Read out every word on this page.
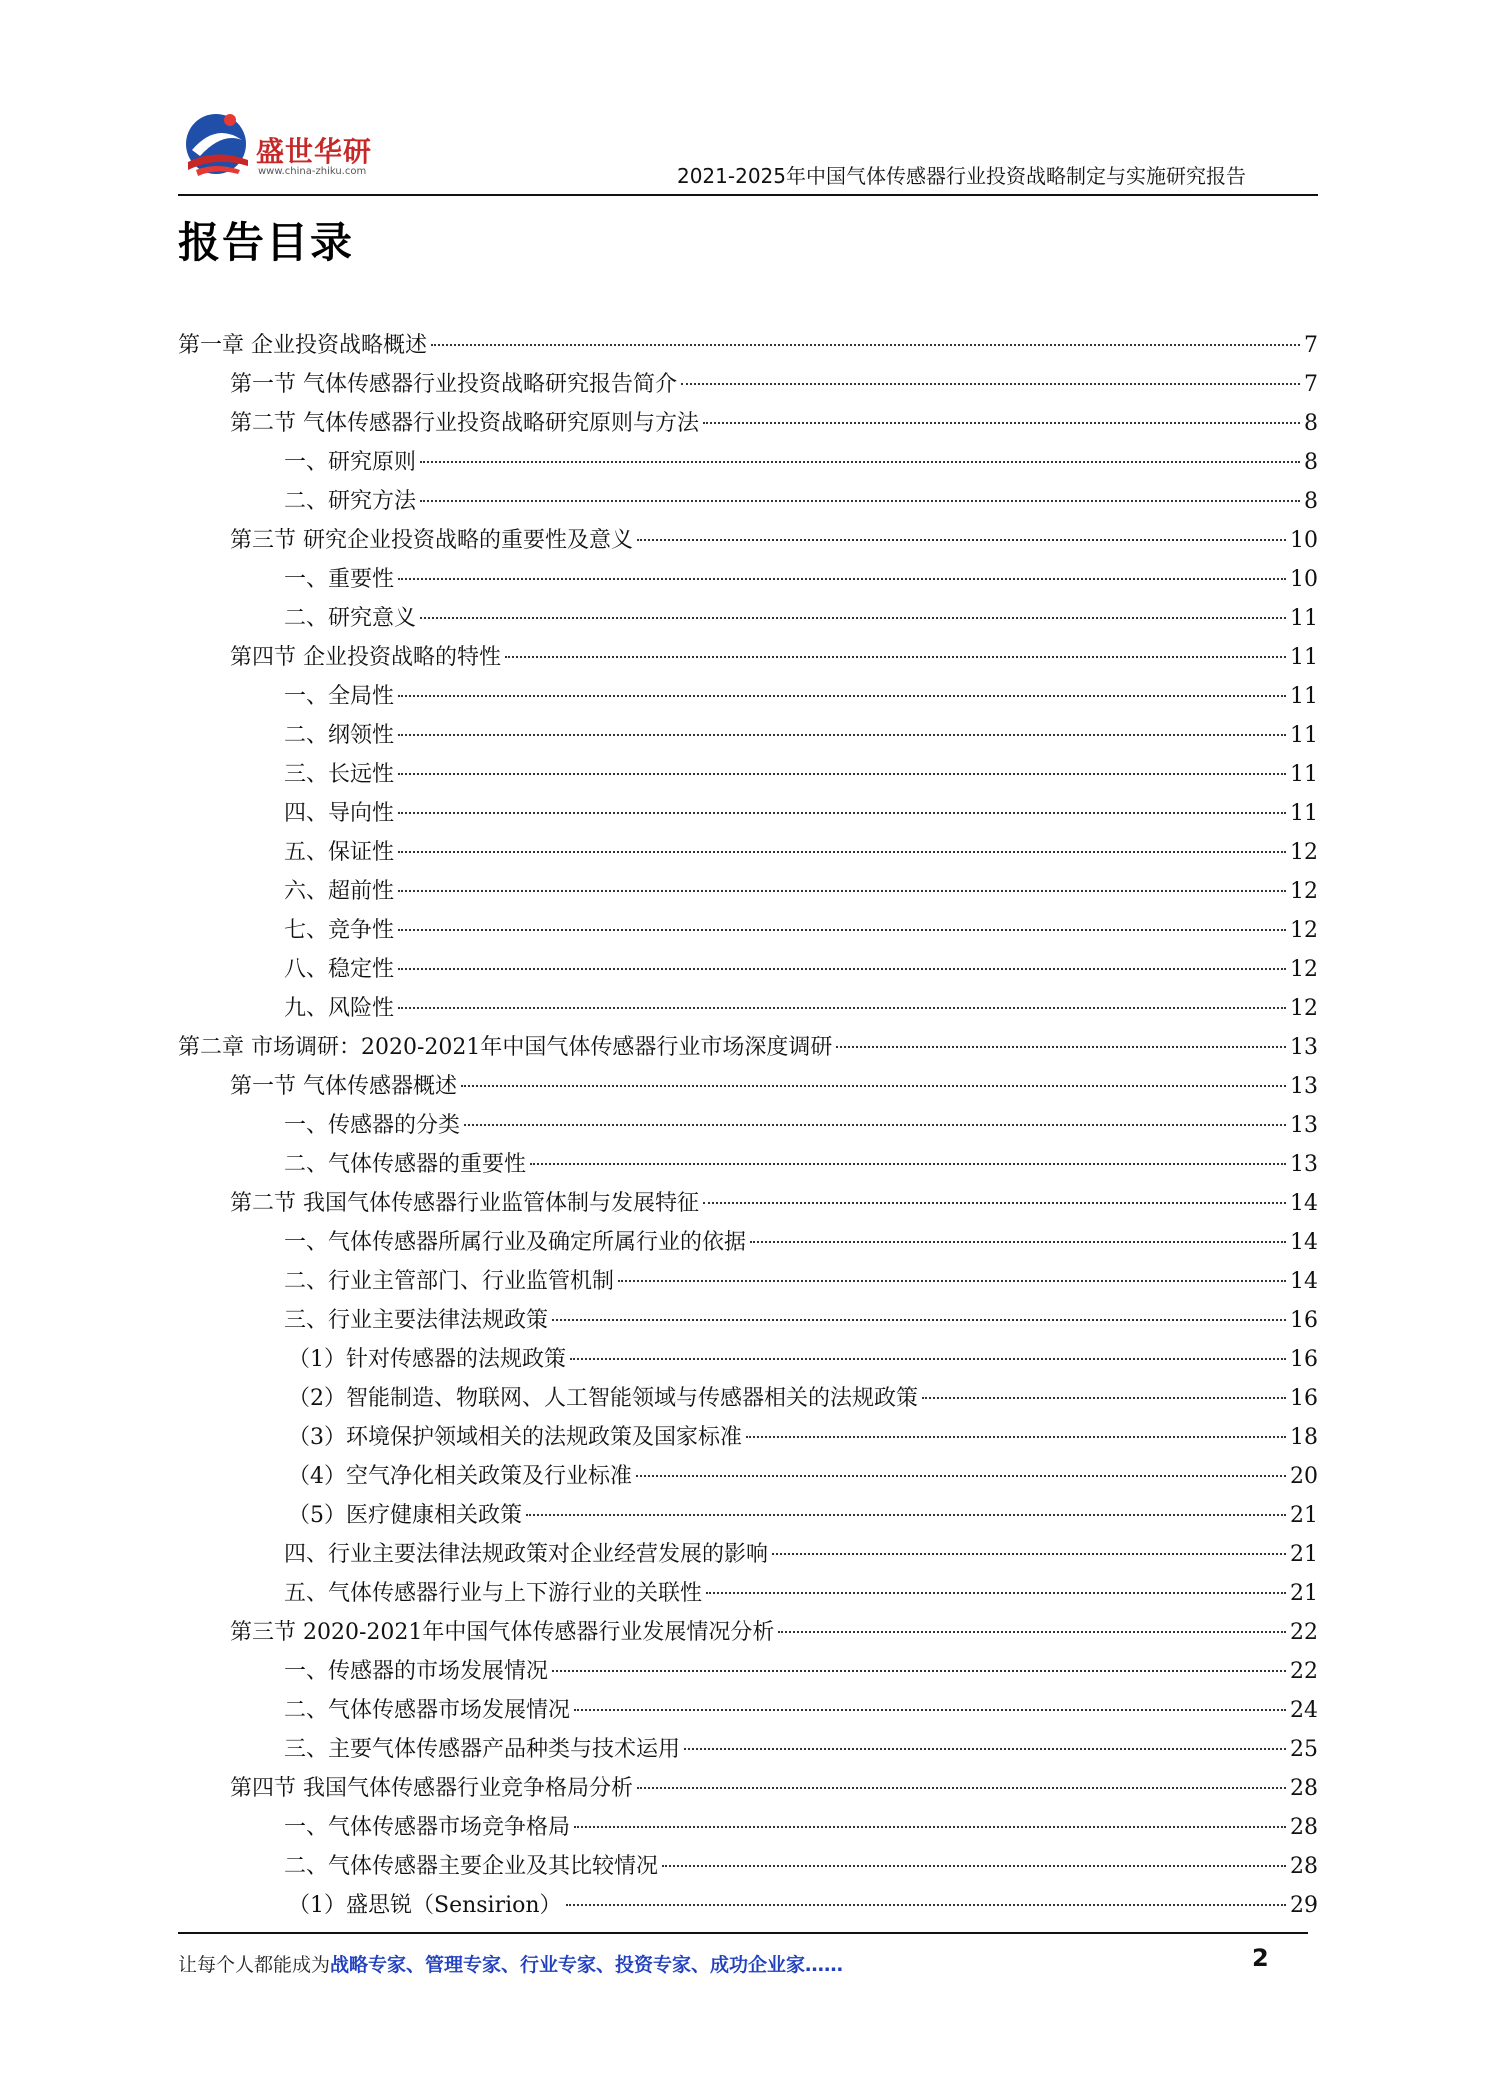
盛世华研
www.china-zhiku.com	2021-2025年中国气体传感器行业投资战略制定与实施研究报告
报告目录
第一章 企业投资战略概述	7
第一节 气体传感器行业投资战略研究报告简介	7
第二节 气体传感器行业投资战略研究原则与方法	8
一、研究原则	8
二、研究方法	8
第三节 研究企业投资战略的重要性及意义	10
一、重要性	10
二、研究意义	11
第四节 企业投资战略的特性	11
一、全局性	11
二、纲领性	11
三、长远性	11
四、导向性	11
五、保证性	12
六、超前性	12
七、竞争性	12
八、稳定性	12
九、风险性	12
第二章 市场调研：2020-2021年中国气体传感器行业市场深度调研	13
第一节 气体传感器概述	13
一、传感器的分类	13
二、气体传感器的重要性	13
第二节 我国气体传感器行业监管体制与发展特征	14
一、气体传感器所属行业及确定所属行业的依据	14
二、行业主管部门、行业监管机制	14
三、行业主要法律法规政策	16
（1）针对传感器的法规政策	16
（2）智能制造、物联网、人工智能领域与传感器相关的法规政策	16
（3）环境保护领域相关的法规政策及国家标准	18
（4）空气净化相关政策及行业标准	20
（5）医疗健康相关政策	21
四、行业主要法律法规政策对企业经营发展的影响	21
五、气体传感器行业与上下游行业的关联性	21
第三节 2020-2021年中国气体传感器行业发展情况分析	22
一、传感器的市场发展情况	22
二、气体传感器市场发展情况	24
三、主要气体传感器产品种类与技术运用	25
第四节 我国气体传感器行业竞争格局分析	28
一、气体传感器市场竞争格局	28
二、气体传感器主要企业及其比较情况	28
（1）盛思锐（Sensirion）	29
让每个人都能成为战略专家、管理专家、行业专家、投资专家、成功企业家……	2
